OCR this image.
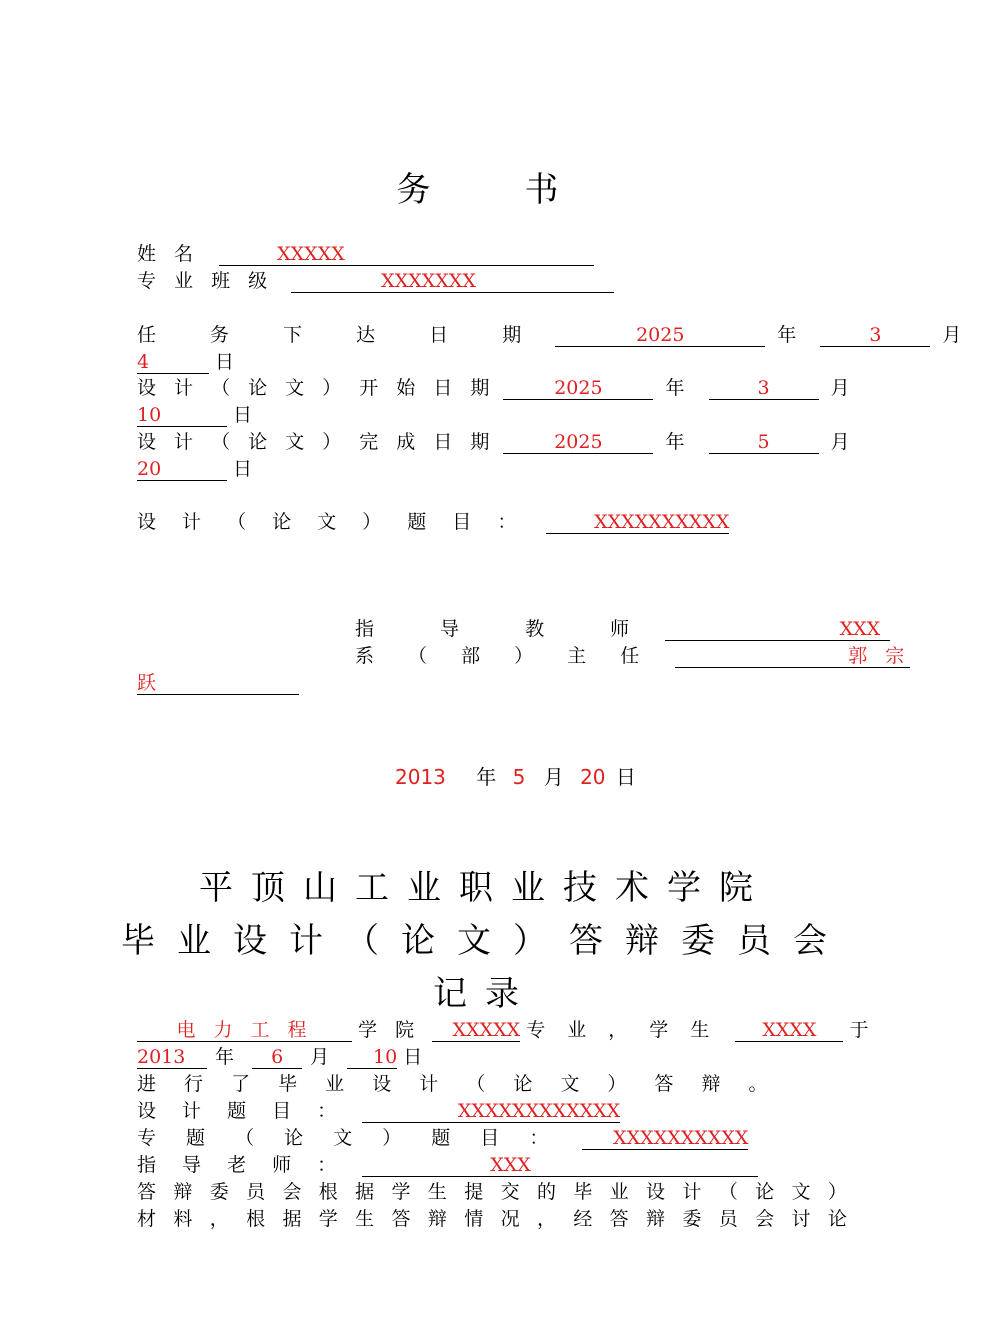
务　书
姓 名	XXXXX
专 业 班 级	XXXXXXX
任 务 下 达 日 期	2025	年	3	月
4	日
设 计 （ 论 文 ） 开 始 日 期	2025	年	3	月
10	日
设 计 （ 论 文 ） 完 成 日 期	2025	年	5	月
20	日
设 计 （ 论 文 ） 题 目 ：	XXXXXXXXXX
指 导 教 师	XXX
系 （ 部 ） 主 任	郭 宗
跃
2013 年 5 月 20 日
平顶山工业职业技术学院
毕业设计（论文）答辩委员会
记录
电 力 工 程 学 院 XXXXX 专 业 ， 学 生 XXXX 于
2013 年 6 月 10 日
进 行 了 毕 业 设 计 （ 论 文 ） 答 辩 。
设 计 题 目 ：	XXXXXXXXXXXX
专 题 （ 论 文 ） 题 目 ：	XXXXXXXXXX
指 导 老 师 ：	XXX
答 辩 委 员 会 根 据 学 生 提 交 的 毕 业 设 计 （ 论 文 ）
材 料 ， 根 据 学 生 答 辩 情 况 ， 经 答 辩 委 员 会 讨 论
